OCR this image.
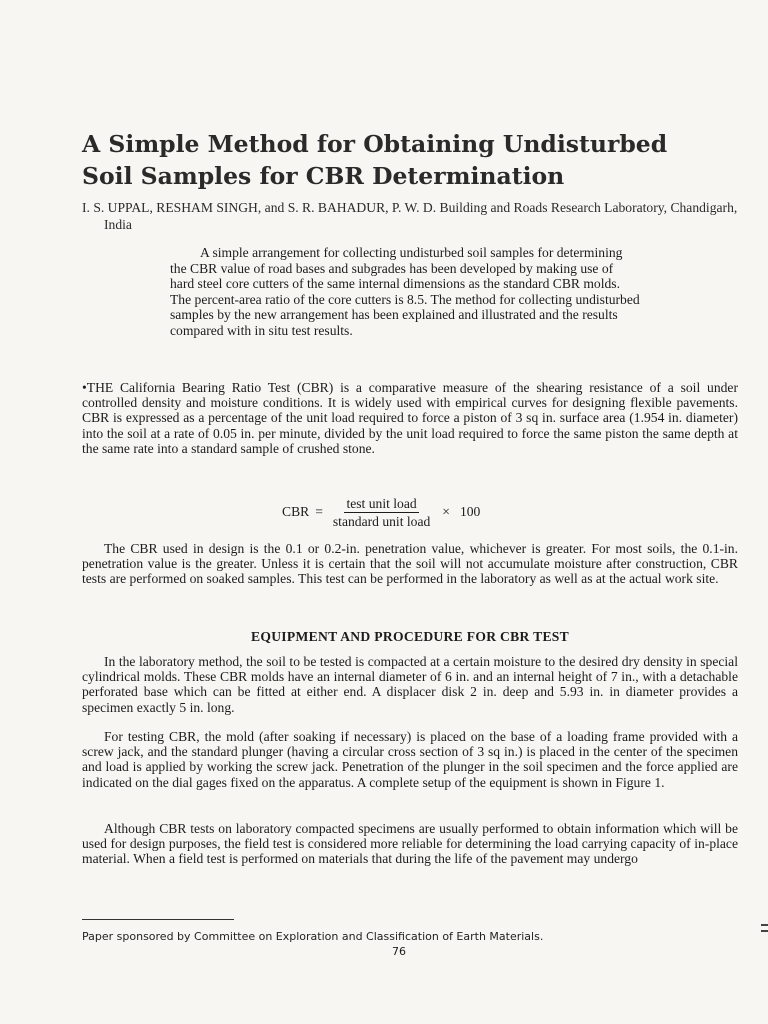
A Simple Method for Obtaining Undisturbed Soil Samples for CBR Determination

I. S. UPPAL, RESHAM SINGH, and S. R. BAHADUR, P. W. D. Building and Roads Research Laboratory, Chandigarh, India

A simple arrangement for collecting undisturbed soil samples for determining the CBR value of road bases and subgrades has been developed by making use of hard steel core cutters of the same internal dimensions as the standard CBR molds. The percent-area ratio of the core cutters is 8.5. The method for collecting undisturbed samples by the new arrangement has been explained and illustrated and the results compared with in situ test results.

•THE California Bearing Ratio Test (CBR) is a comparative measure of the shearing resistance of a soil under controlled density and moisture conditions. It is widely used with empirical curves for designing flexible pavements. CBR is expressed as a percentage of the unit load required to force a piston of 3 sq in. surface area (1.954 in. diameter) into the soil at a rate of 0.05 in. per minute, divided by the unit load required to force the same piston the same depth at the same rate into a standard sample of crushed stone.

CBR = $\frac{\text{test unit load}}{\text{standard unit load}} \times 100$

The CBR used in design is the 0.1 or 0.2-in. penetration value, whichever is greater. For most soils, the 0.1-in. penetration value is the greater. Unless it is certain that the soil will not accumulate moisture after construction, CBR tests are performed on soaked samples. This test can be performed in the laboratory as well as at the actual work site.

EQUIPMENT AND PROCEDURE FOR CBR TEST

In the laboratory method, the soil to be tested is compacted at a certain moisture to the desired dry density in special cylindrical molds. These CBR molds have an internal diameter of 6 in. and an internal height of 7 in., with a detachable perforated base which can be fitted at either end. A displacer disk 2 in. deep and 5.93 in. in diameter provides a specimen exactly 5 in. long.

For testing CBR, the mold (after soaking if necessary) is placed on the base of a loading frame provided with a screw jack, and the standard plunger (having a circular cross section of 3 sq in.) is placed in the center of the specimen and load is applied by working the screw jack. Penetration of the plunger in the soil specimen and the force applied are indicated on the dial gages fixed on the apparatus. A complete setup of the equipment is shown in Figure 1.

Although CBR tests on laboratory compacted specimens are usually performed to obtain information which will be used for design purposes, the field test is considered more reliable for determining the load carrying capacity of in-place material. When a field test is performed on materials that during the life of the pavement may undergo

Paper sponsored by Committee on Exploration and Classification of Earth Materials.

76
